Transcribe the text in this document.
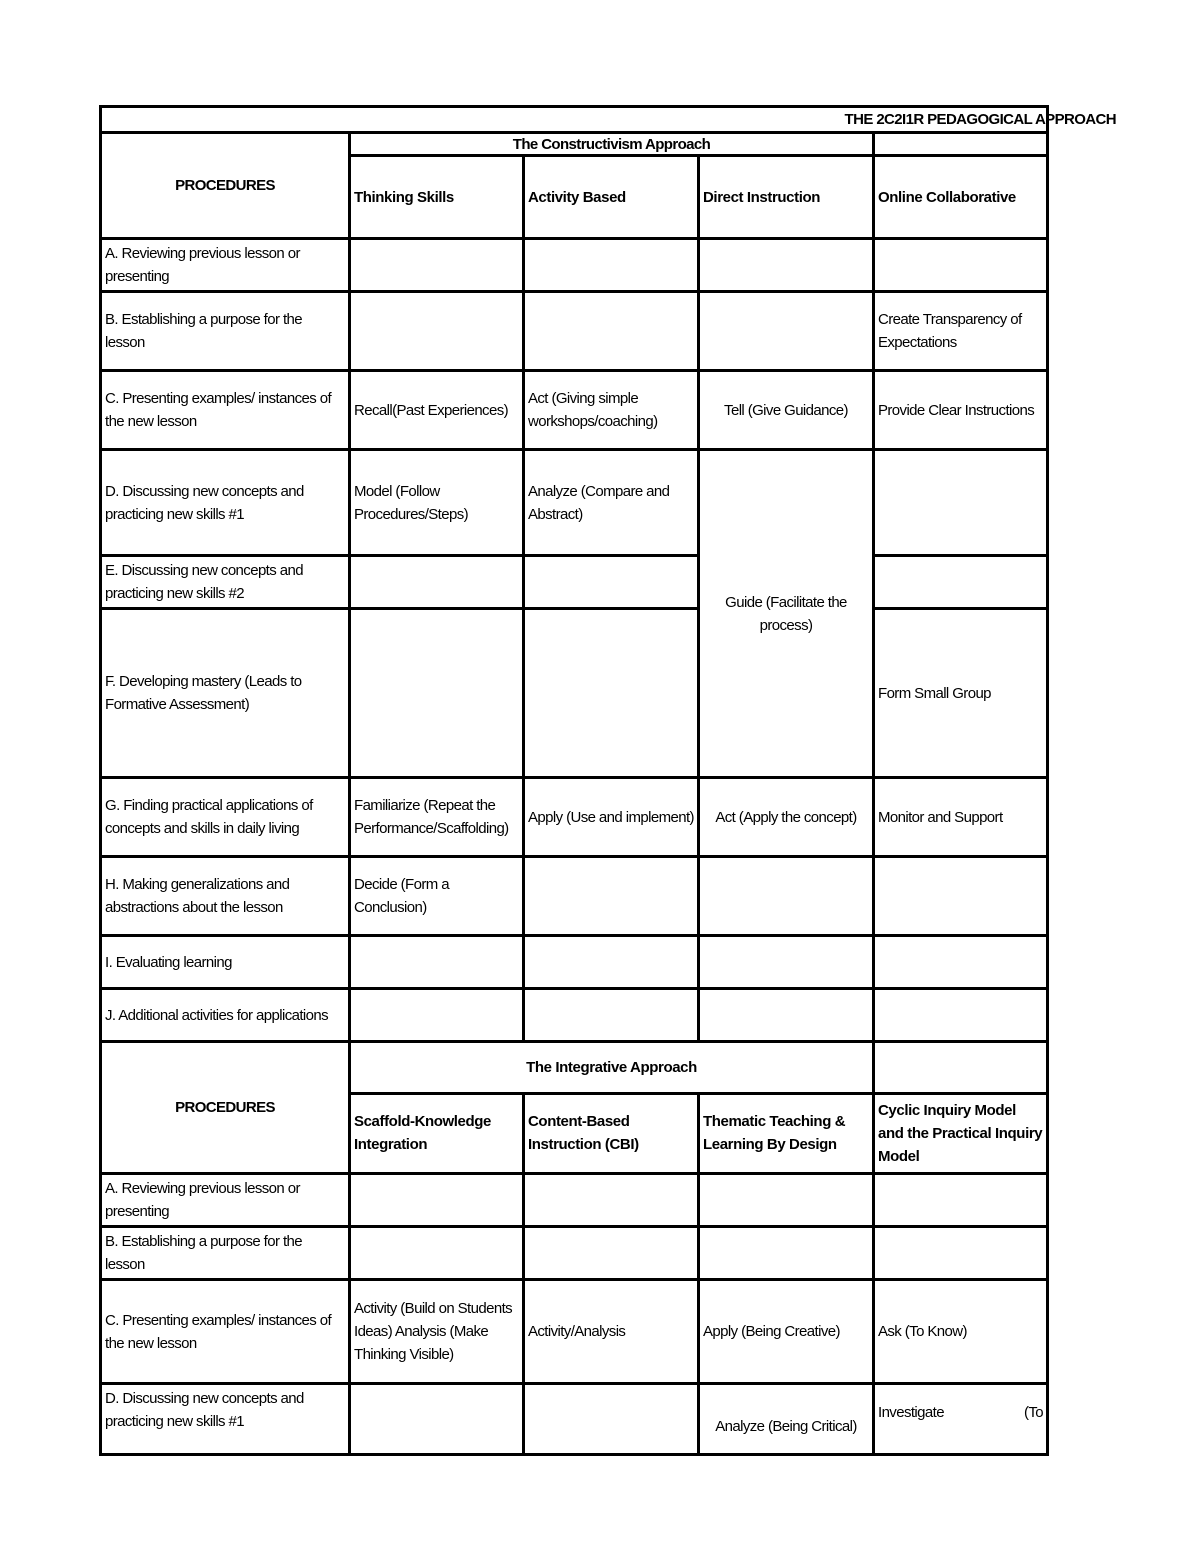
THE 2C2I1R PEDAGOGICAL APPROACH				
PROCEDURES	The Constructivism Approach			
	Thinking Skills	Activity Based	Direct Instruction	Online Collaborative
A. Reviewing previous lesson or presenting				
B. Establishing a purpose for the lesson				Create Transparency of Expectations
C. Presenting examples/ instances of the new lesson	Recall(Past Experiences)	Act (Giving simple workshops/coaching)	Tell (Give Guidance)	Provide Clear Instructions
D. Discussing new concepts and practicing new skills #1	Model (Follow Procedures/Steps)	Analyze (Compare and Abstract)	Guide (Facilitate the process)	
E. Discussing new concepts and practicing new skills #2				
F. Developing mastery (Leads to Formative Assessment)				Form Small Group
G. Finding practical applications of concepts and skills in daily living	Familiarize (Repeat the Performance/Scaffolding)	Apply (Use and implement)	Act (Apply the concept)	Monitor and Support
H. Making generalizations and abstractions about the lesson	Decide (Form a Conclusion)			
I. Evaluating learning				
J. Additional activities for applications				
PROCEDURES	The Integrative Approach			
	Scaffold-Knowledge Integration	Content-Based Instruction (CBI)	Thematic Teaching & Learning By Design	Cyclic Inquiry Model and the Practical Inquiry Model
A. Reviewing previous lesson or presenting				
B. Establishing a purpose for the lesson				
C. Presenting examples/ instances of the new lesson	Activity (Build on Students Ideas) Analysis (Make Thinking Visible)	Activity/Analysis	Apply (Being Creative)	Ask (To Know)
D. Discussing new concepts and practicing new skills #1			Analyze (Being Critical)	Investigate (To
